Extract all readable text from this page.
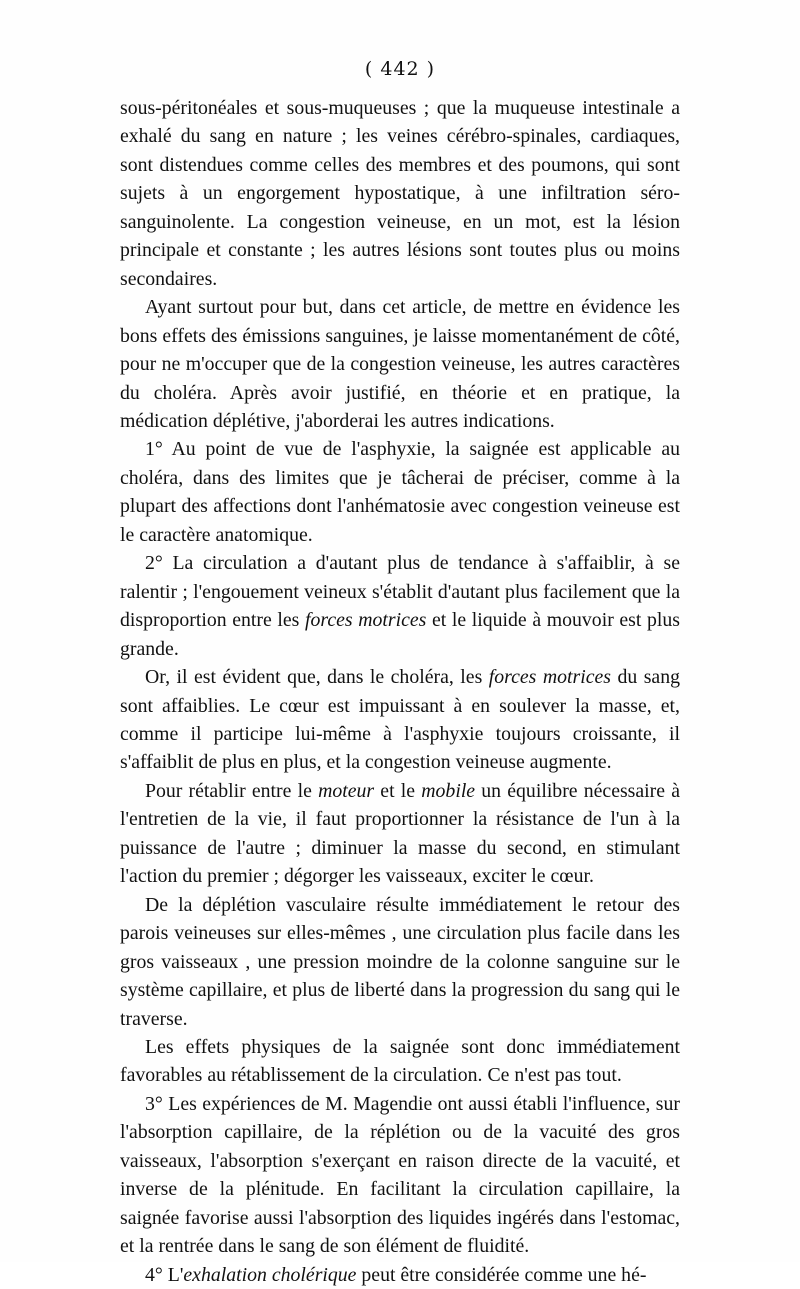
( 442 )

sous-péritonéales et sous-muqueuses ; que la muqueuse intestinale a exhalé du sang en nature ; les veines cérébro-spinales, cardiaques, sont distendues comme celles des membres et des poumons, qui sont sujets à un engorgement hypostatique, à une infiltration séro-sanguinolente. La congestion veineuse, en un mot, est la lésion principale et constante ; les autres lésions sont toutes plus ou moins secondaires.

Ayant surtout pour but, dans cet article, de mettre en évidence les bons effets des émissions sanguines, je laisse momentanément de côté, pour ne m'occuper que de la congestion veineuse, les autres caractères du choléra. Après avoir justifié, en théorie et en pratique, la médication déplétive, j'aborderai les autres indications.

1° Au point de vue de l'asphyxie, la saignée est applicable au choléra, dans des limites que je tâcherai de préciser, comme à la plupart des affections dont l'anhématosie avec congestion veineuse est le caractère anatomique.

2° La circulation a d'autant plus de tendance à s'affaiblir, à se ralentir ; l'engouement veineux s'établit d'autant plus facilement que la disproportion entre les forces motrices et le liquide à mouvoir est plus grande.

Or, il est évident que, dans le choléra, les forces motrices du sang sont affaiblies. Le cœur est impuissant à en soulever la masse, et, comme il participe lui-même à l'asphyxie toujours croissante, il s'affaiblit de plus en plus, et la congestion veineuse augmente.

Pour rétablir entre le moteur et le mobile un équilibre nécessaire à l'entretien de la vie, il faut proportionner la résistance de l'un à la puissance de l'autre ; diminuer la masse du second, en stimulant l'action du premier ; dégorger les vaisseaux, exciter le cœur.

De la déplétion vasculaire résulte immédiatement le retour des parois veineuses sur elles-mêmes , une circulation plus facile dans les gros vaisseaux , une pression moindre de la colonne sanguine sur le système capillaire, et plus de liberté dans la progression du sang qui le traverse.

Les effets physiques de la saignée sont donc immédiatement favorables au rétablissement de la circulation. Ce n'est pas tout.

3° Les expériences de M. Magendie ont aussi établi l'influence, sur l'absorption capillaire, de la réplétion ou de la vacuité des gros vaisseaux, l'absorption s'exerçant en raison directe de la vacuité, et inverse de la plénitude. En facilitant la circulation capillaire, la saignée favorise aussi l'absorption des liquides ingérés dans l'estomac, et la rentrée dans le sang de son élément de fluidité.

4° L'exhalation cholérique peut être considérée comme une hé-
